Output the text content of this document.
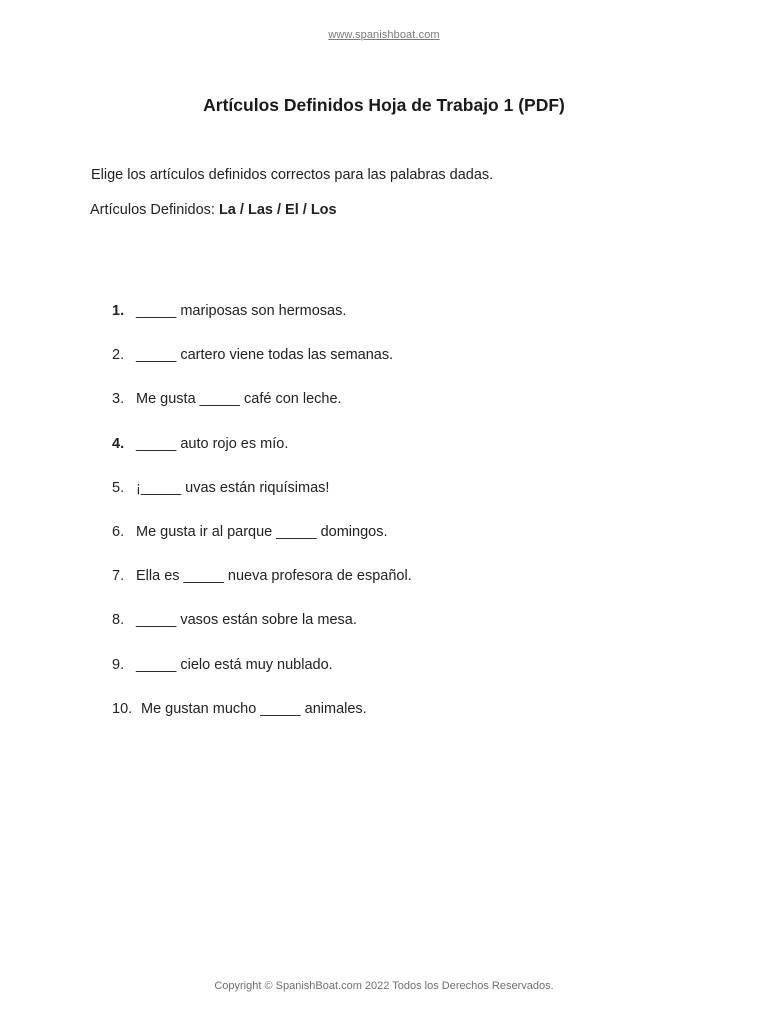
www.spanishboat.com
Artículos Definidos Hoja de Trabajo 1 (PDF)
Elige los artículos definidos correctos para las palabras dadas.
Artículos Definidos: La / Las / El / Los
1. _____ mariposas son hermosas.
2. _____ cartero viene todas las semanas.
3. Me gusta _____ café con leche.
4. _____ auto rojo es mío.
5. ¡_____ uvas están riquísimas!
6. Me gusta ir al parque _____ domingos.
7. Ella es _____ nueva profesora de español.
8. _____ vasos están sobre la mesa.
9. _____ cielo está muy nublado.
10. Me gustan mucho _____ animales.
Copyright © SpanishBoat.com 2022 Todos los Derechos Reservados.
